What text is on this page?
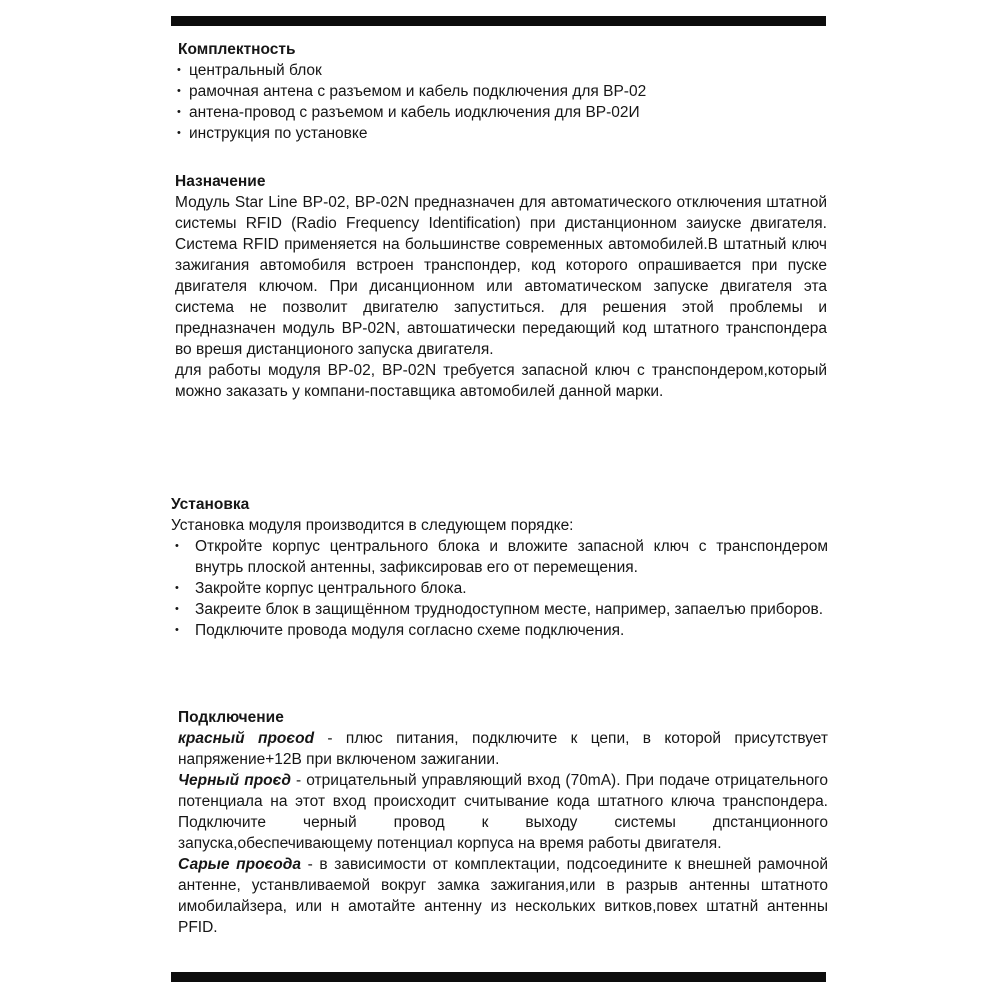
Комплектность
• центральный блок
• рамочная антена с разъемом и кабель подключения для BP-02
• антена-провод с разъемом и кабель иодключения для BP-02И
• инструкция по установке
Назначение

Модуль Star Line BP-02, BP-02N предназначен для автоматического отключения штатной системы RFID (Radio Frequency Identification) при дистанционном заиуске двигателя. Система RFID применяется на большинстве современных автомобилей.В штатный ключ зажигания автомобиля встроен транспондер, код которого опрашивается при пуске двигателя ключом. При дисанционном или автоматическом запуске двигателя эта система не позволит двигателю запуститься. для решения этой проблемы и предназначен модуль BP-02N, автошатически передающий код штатного транспондера во врешя дистанционого запуска двигателя.

для работы модуля BP-02, BP-02N требуется запасной ключ с транспондером,который можно заказать у компани-поставщика автомобилей данной марки.

Установка
Установка модуля производится в следующем порядке:
• Откройте корпус центрального блока и вложите запасной ключ с транспондером внутрь плоской антенны, зафиксировав его от перемещения.
• Закройте корпус центрального блока.
• Закреите блок в защищённом труднодоступном месте, например, запаелъю приборов.
• Подключите провода модуля согласно схеме подключения.
Подключение

красный проєоd - плюс питания, подключите к цепи, в которой присутствует напряжение+12В при включеном зажигании.

Черный проєд - отрицательный управляющий вход (70mA). При подаче отрицательного потенциала на этот вход происходит считывание кода штатного ключа транспондера. Подключите черный провод к выходу системы дпстанционного запуска,обеспечивающему потенциал корпуса на время работы двигателя.

Сарые проєода - в зависимости от комплектации, подсоедините к внешней рамочной антенне, устанвливаемой вокруг замка зажигания,или в разрыв антенны штатното имобилайзера, или н амотайте антенну из нескольких витков,повех штатнй антенны PFID.
